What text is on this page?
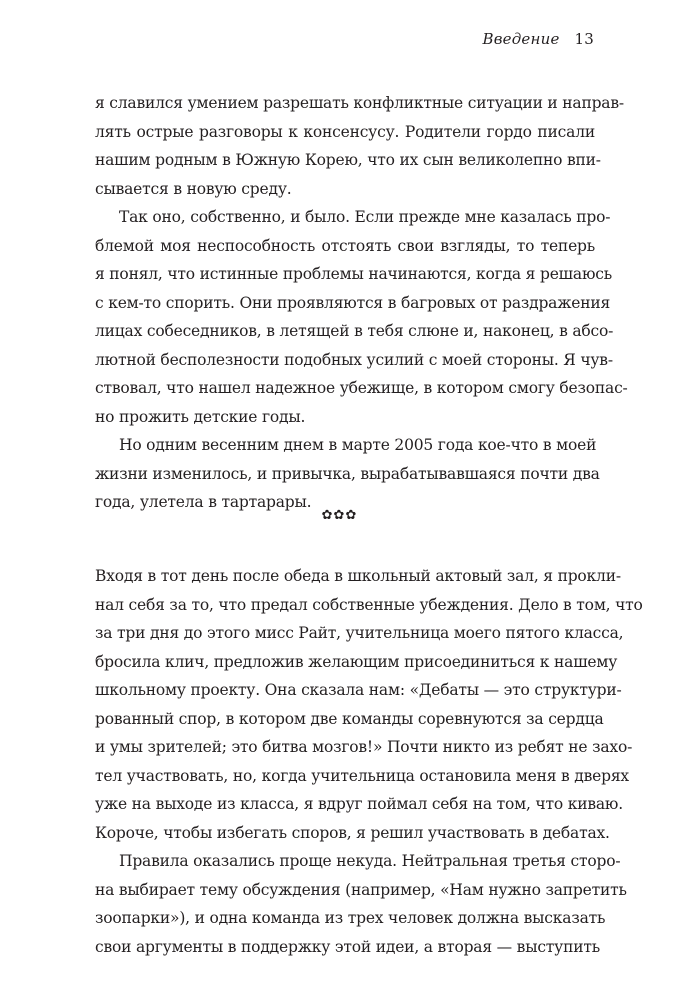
Введение 13
я славился умением разрешать конфликтные ситуации и направ-
лять острые разговоры к консенсусу. Родители гордо писали
нашим родным в Южную Корею, что их сын великолепно впи-
сывается в новую среду.
Так оно, собственно, и было. Если прежде мне казалась про-
блемой моя неспособность отстоять свои взгляды, то теперь
я понял, что истинные проблемы начинаются, когда я решаюсь
с кем-то спорить. Они проявляются в багровых от раздражения
лицах собеседников, в летящей в тебя слюне и, наконец, в абсо-
лютной бесполезности подобных усилий с моей стороны. Я чув-
ствовал, что нашел надежное убежище, в котором смогу безопас-
но прожить детские годы.
Но одним весенним днем в марте 2005 года кое-что в моей
жизни изменилось, и привычка, вырабатывавшаяся почти два
года, улетела в тартарары.
✿✿✿
Входя в тот день после обеда в школьный актовый зал, я прокли-
нал себя за то, что предал собственные убеждения. Дело в том, что
за три дня до этого мисс Райт, учительница моего пятого класса,
бросила клич, предложив желающим присоединиться к нашему
школьному проекту. Она сказала нам: «Дебаты — это структури-
рованный спор, в котором две команды соревнуются за сердца
и умы зрителей; это битва мозгов!» Почти никто из ребят не захо-
тел участвовать, но, когда учительница остановила меня в дверях
уже на выходе из класса, я вдруг поймал себя на том, что киваю.
Короче, чтобы избегать споров, я решил участвовать в дебатах.
Правила оказались проще некуда. Нейтральная третья сторо-
на выбирает тему обсуждения (например, «Нам нужно запретить
зоопарки»), и одна команда из трех человек должна высказать
свои аргументы в поддержку этой идеи, а вторая — выступить
